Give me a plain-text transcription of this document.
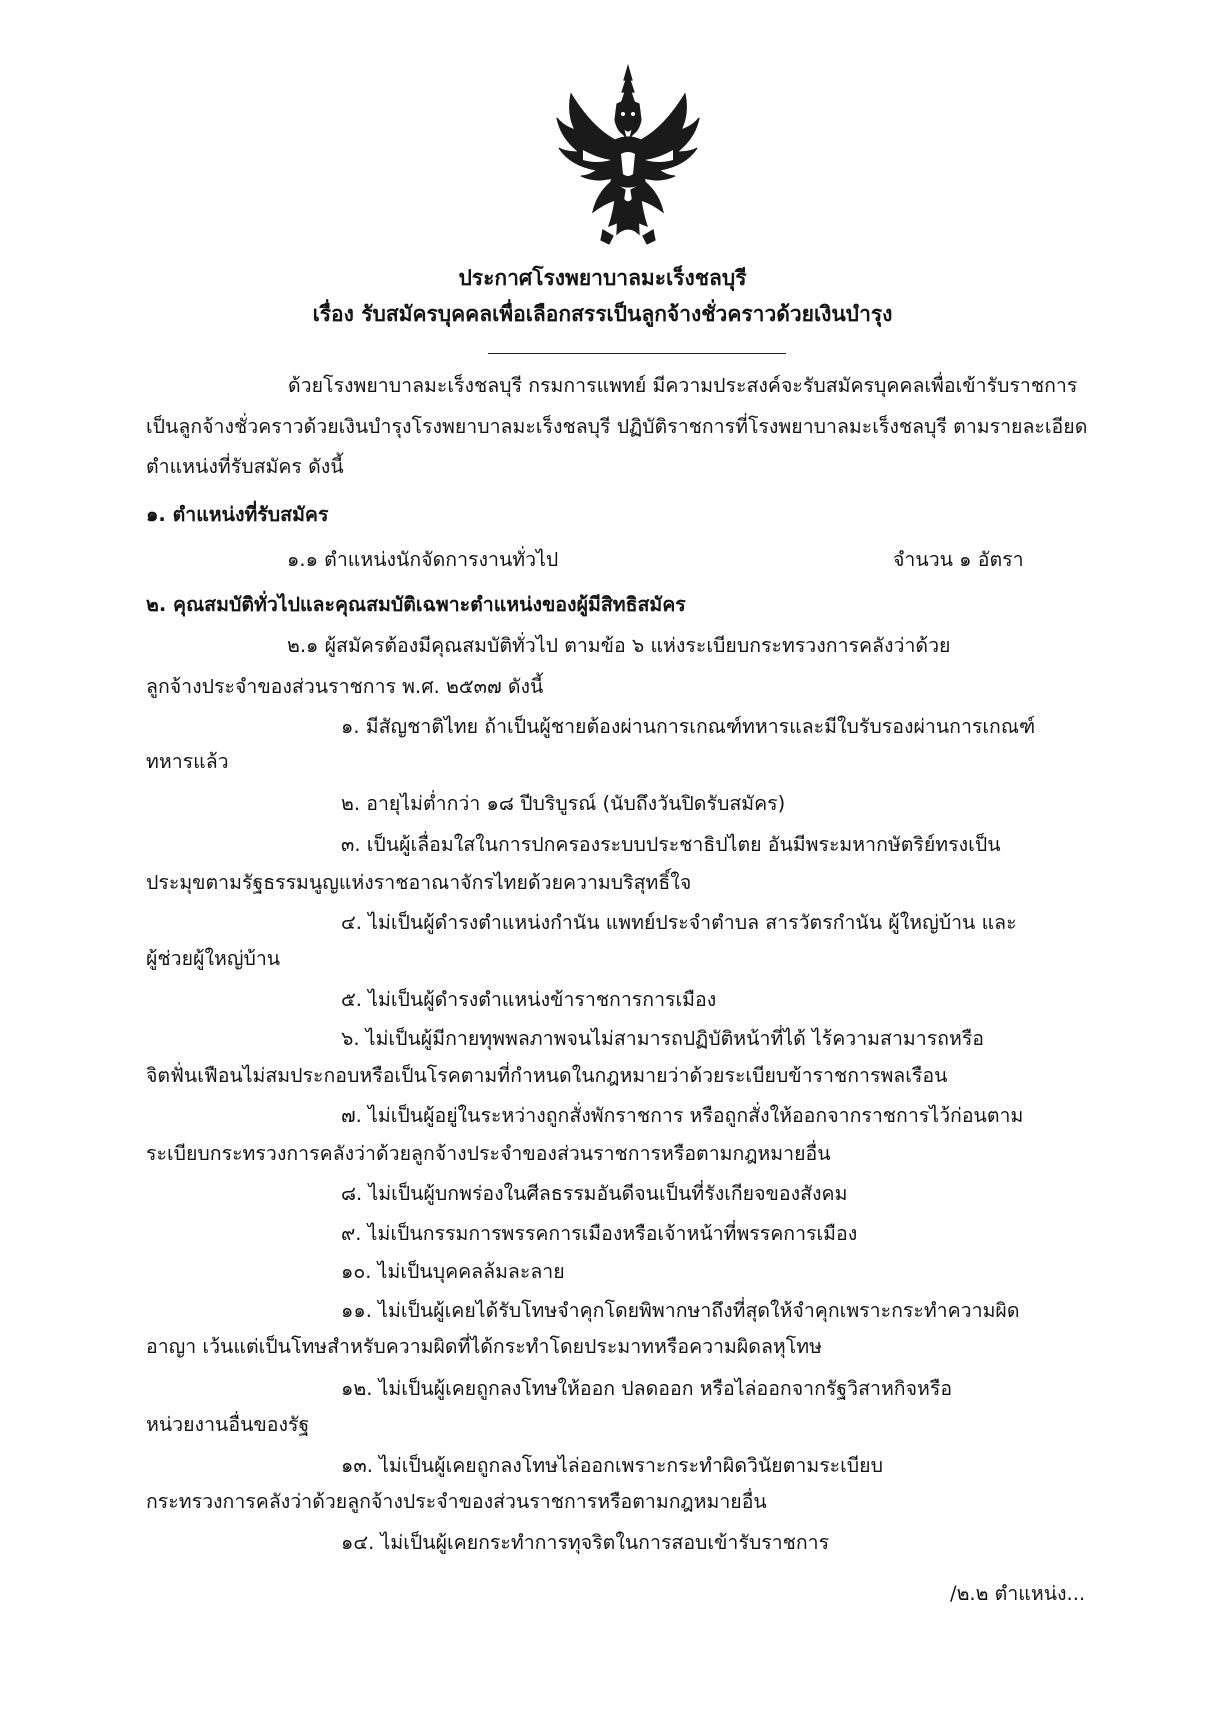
ประกาศโรงพยาบาลมะเร็งชลบุรี
เรื่อง รับสมัครบุคคลเพื่อเลือกสรรเป็นลูกจ้างชั่วคราวด้วยเงินบำรุง
ด้วยโรงพยาบาลมะเร็งชลบุรี กรมการแพทย์ มีความประสงค์จะรับสมัครบุคคลเพื่อเข้ารับราชการ
เป็นลูกจ้างชั่วคราวด้วยเงินบำรุงโรงพยาบาลมะเร็งชลบุรี ปฏิบัติราชการที่โรงพยาบาลมะเร็งชลบุรี ตามรายละเอียด
ตำแหน่งที่รับสมัคร ดังนี้
๑. ตำแหน่งที่รับสมัคร
๑.๑ ตำแหน่งนักจัดการงานทั่วไป	จำนวน ๑ อัตรา
๒. คุณสมบัติทั่วไปและคุณสมบัติเฉพาะตำแหน่งของผู้มีสิทธิสมัคร
๒.๑ ผู้สมัครต้องมีคุณสมบัติทั่วไป ตามข้อ ๖ แห่งระเบียบกระทรวงการคลังว่าด้วย
ลูกจ้างประจำของส่วนราชการ พ.ศ. ๒๕๓๗ ดังนี้
๑. มีสัญชาติไทย ถ้าเป็นผู้ชายต้องผ่านการเกณฑ์ทหารและมีใบรับรองผ่านการเกณฑ์
ทหารแล้ว
๒. อายุไม่ต่ำกว่า ๑๘ ปีบริบูรณ์ (นับถึงวันปิดรับสมัคร)
๓. เป็นผู้เลื่อมใสในการปกครองระบบประชาธิปไตย อันมีพระมหากษัตริย์ทรงเป็น
ประมุขตามรัฐธรรมนูญแห่งราชอาณาจักรไทยด้วยความบริสุทธิ์ใจ
๔. ไม่เป็นผู้ดำรงตำแหน่งกำนัน แพทย์ประจำตำบล สารวัตรกำนัน ผู้ใหญ่บ้าน และ
ผู้ช่วยผู้ใหญ่บ้าน
๕. ไม่เป็นผู้ดำรงตำแหน่งข้าราชการการเมือง
๖. ไม่เป็นผู้มีกายทุพพลภาพจนไม่สามารถปฏิบัติหน้าที่ได้ ไร้ความสามารถหรือ
จิตฟั่นเฟือนไม่สมประกอบหรือเป็นโรคตามที่กำหนดในกฎหมายว่าด้วยระเบียบข้าราชการพลเรือน
๗. ไม่เป็นผู้อยู่ในระหว่างถูกสั่งพักราชการ หรือถูกสั่งให้ออกจากราชการไว้ก่อนตาม
ระเบียบกระทรวงการคลังว่าด้วยลูกจ้างประจำของส่วนราชการหรือตามกฎหมายอื่น
๘. ไม่เป็นผู้บกพร่องในศีลธรรมอันดีจนเป็นที่รังเกียจของสังคม
๙. ไม่เป็นกรรมการพรรคการเมืองหรือเจ้าหน้าที่พรรคการเมือง
๑๐. ไม่เป็นบุคคลล้มละลาย
๑๑. ไม่เป็นผู้เคยได้รับโทษจำคุกโดยพิพากษาถึงที่สุดให้จำคุกเพราะกระทำความผิด
อาญา เว้นแต่เป็นโทษสำหรับความผิดที่ได้กระทำโดยประมาทหรือความผิดลหุโทษ
๑๒. ไม่เป็นผู้เคยถูกลงโทษให้ออก ปลดออก หรือไล่ออกจากรัฐวิสาหกิจหรือ
หน่วยงานอื่นของรัฐ
๑๓. ไม่เป็นผู้เคยถูกลงโทษไล่ออกเพราะกระทำผิดวินัยตามระเบียบ
กระทรวงการคลังว่าด้วยลูกจ้างประจำของส่วนราชการหรือตามกฎหมายอื่น
๑๔. ไม่เป็นผู้เคยกระทำการทุจริตในการสอบเข้ารับราชการ
/๒.๒ ตำแหน่ง...
